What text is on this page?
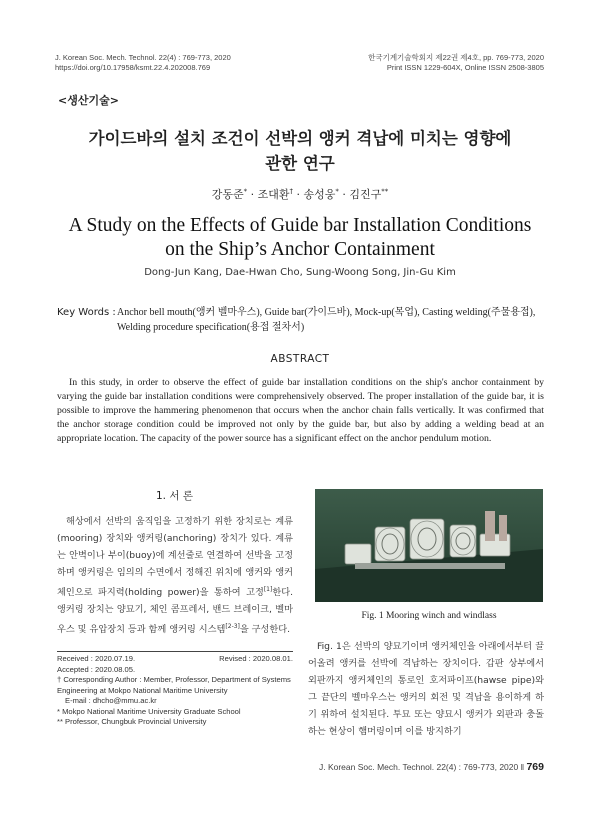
J. Korean Soc. Mech. Technol. 22(4) : 769-773, 2020
https://doi.org/10.17958/ksmt.22.4.202008.769
한국기계기술학회지 제22권 제4호, pp. 769-773, 2020
Print ISSN 1229-604X, Online ISSN 2508-3805
<생산기술>
가이드바의 설치 조건이 선박의 앵커 격납에 미치는 영향에
관한 연구
강동준* · 조대환† · 송성웅* · 김진구**
A Study on the Effects of Guide bar Installation Conditions
on the Ship’s Anchor Containment
Dong-Jun Kang, Dae-Hwan Cho, Sung-Woong Song, Jin-Gu Kim
Key Words : Anchor bell mouth(앵커 벨마우스), Guide bar(가이드바), Mock-up(목업), Casting welding(주물용접), Welding procedure specification(용접 절차서)
ABSTRACT
In this study, in order to observe the effect of guide bar installation conditions on the ship's anchor containment by varying the guide bar installation conditions were comprehensively observed. The proper installation of the guide bar, it is possible to improve the hammering phenomenon that occurs when the anchor chain falls vertically. It was confirmed that the anchor storage condition could be improved not only by the guide bar, but also by adding a welding bead at an appropriate location. The capacity of the power source has a significant effect on the anchor pendulum motion.
1. 서 론
해상에서 선박의 움직임을 고정하기 위한 장치로는 계류(mooring) 장치와 앵커링(anchoring) 장치가 있다. 계류는 안벽이나 부이(buoy)에 계선줄로 연결하여 선박을 고정하며 앵커링은 임의의 수면에서 정해진 위치에 앵커와 앵커체인으로 파지력(holding power)을 통하여 고정[1]한다. 앵커링 장치는 양묘기, 체인 콤프레서, 밴드 브레이크, 벨마우스 및 유압장치 등과 함께 앵커링 시스템[2-3]을 구성한다.
Received : 2020.07.19.	Revised : 2020.08.01.
Accepted : 2020.08.05.
† Corresponding Author : Member, Professor, Department of Systems Engineering at Mokpo National Maritime University
E-mail : dhcho@mmu.ac.kr
* Mokpo National Maritime University Graduate School
** Professor, Chungbuk Provincial University
Fig. 1 Mooring winch and windlass
Fig. 1은 선박의 양묘기이며 앵커체인을 아래에서부터 끌어올려 앵커를 선박에 격납하는 장치이다. 갑판 상부에서 외판까지 앵커체인의 통로인 호저파이프(hawse pipe)와 그 끝단의 벨마우스는 앵커의 회전 및 격납을 용이하게 하기 위하여 설치된다. 투묘 또는 양묘시 앵커가 외판과 충돌하는 현상이 햄머링이며 이를 방지하기
J. Korean Soc. Mech. Technol. 22(4) : 769-773, 2020 ‖ 769
